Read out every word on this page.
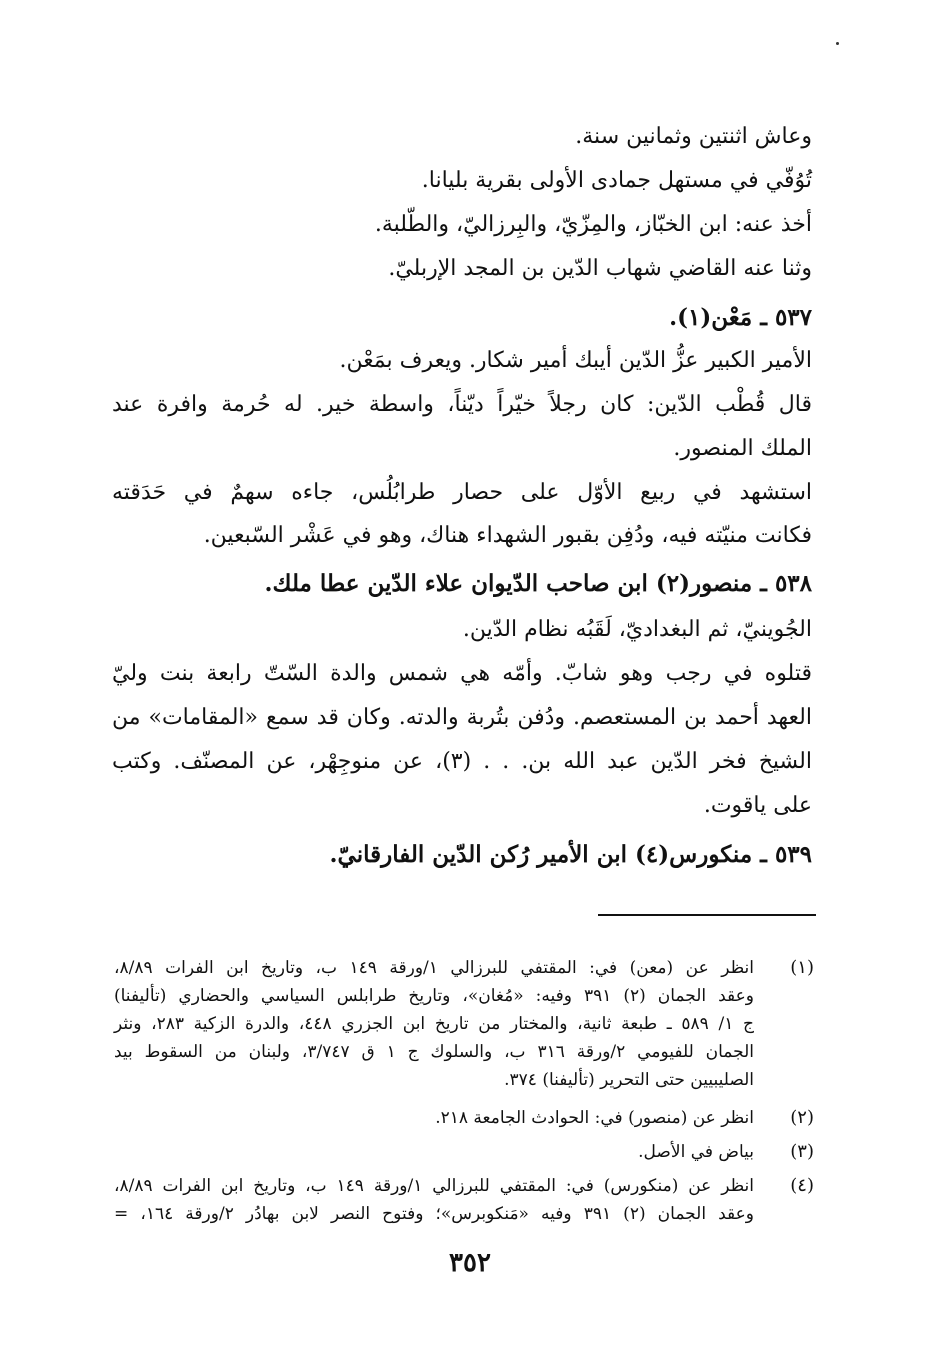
وعاش اثنتين وثمانين سنة.
تُوُفّي في مستهل جمادى الأولى بقرية بليانا.
أخذ عنه: ابن الخبّاز، والمِزّيّ، والبِرزاليّ، والطّلبة.
وثنا عنه القاضي شهاب الدّين بن المجد الإربليّ.
٥٣٧ ـ مَعْن(١).
الأمير الكبير عزُّ الدّين أيبك أمير شكار. ويعرف بمَعْن.
قال قُطْب الدّين: كان رجلاً خيّراً ديّناً، واسطة خير. له حُرمة وافرة عند
الملك المنصور.
استشهد في ربيع الأوّل على حصار طرابُلُس، جاءه سهمٌ في حَدَقته
فكانت منيّته فيه، ودُفِن بقبور الشهداء هناك، وهو في عَشْر السّبعين.
٥٣٨ ـ منصور(٢) ابن صاحب الدّيوان علاء الدّين عطا ملك.
الجُوينيّ، ثم البغداديّ، لَقَبُه نظام الدّين.
قتلوه في رجب وهو شابّ. وأمّه هي شمس والدة السّتّ رابعة بنت وليّ
العهد أحمد بن المستعصم. ودُفن بتُربة والدته. وكان قد سمع «المقامات» من
الشيخ فخر الدّين عبد الله بن. . . (٣)، عن منوجِهْر، عن المصنّف. وكتب
على ياقوت.
٥٣٩ ـ منكورس(٤) ابن الأمير رُكن الدّين الفارقانيّ.
(١)
انظر عن (معن) في: المقتفي للبرزالي ١/ورقة ١٤٩ ب، وتاريخ ابن الفرات ٨/٨٩،
وعقد الجمان (٢) ٣٩١ وفيه: «مُغان»، وتاريخ طرابلس السياسي والحضاري (تأليفنا)
ج ١/ ٥٨٩ ـ طبعة ثانية، والمختار من تاريخ ابن الجزري ٤٤٨، والدرة الزكية ٢٨٣، ونثر
الجمان للفيومي ٢/ورقة ٣١٦ ب، والسلوك ج ١ ق ٣/٧٤٧، ولبنان من السقوط بيد
الصليبيين حتى التحرير (تأليفنا) ٣٧٤.
(٢)
انظر عن (منصور) في: الحوادث الجامعة ٢١٨.
(٣)
بياض في الأصل.
(٤)
انظر عن (منكورس) في: المقتفي للبرزالي ١/ورقة ١٤٩ ب، وتاريخ ابن الفرات ٨/٨٩،
وعقد الجمان (٢) ٣٩١ وفيه «مَنكوبرس»؛ وفتوح النصر لابن بهادُر ٢/ورقة ١٦٤، =
٣٥٢
